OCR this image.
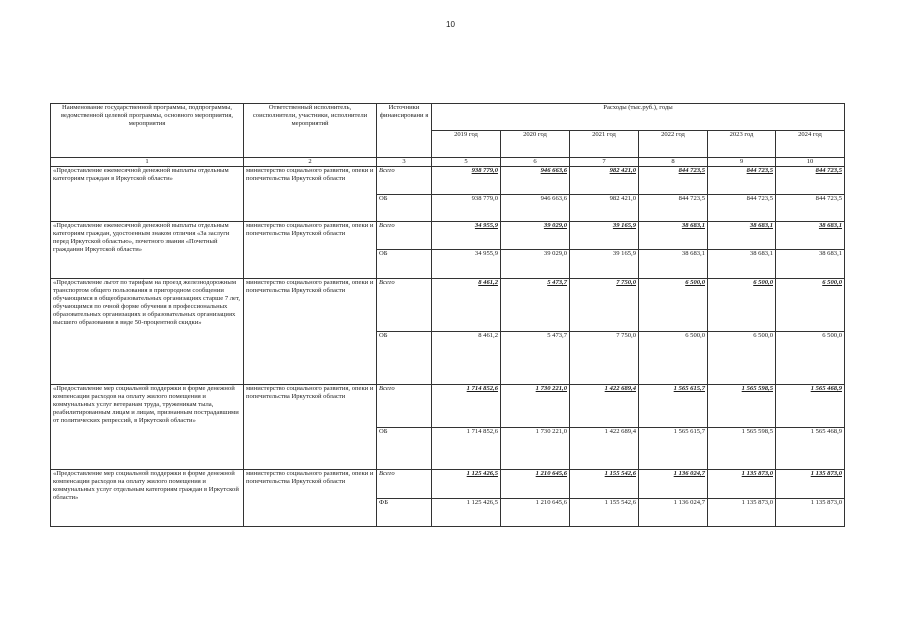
10
Наименование государственной программы, подпрограммы, ведомственной целевой программы, основного мероприятия, мероприятия	Ответственный исполнитель, соисполнители, участники, исполнители мероприятий	Источники финансировани я	Расходы (тыс.руб.), годы					
			2019 год	2020 год	2021 год	2022 год	2023 год	2024 год
1	2	3	5	6	7	8	9	10
«Предоставление ежемесячной денежной выплаты отдельным категориям граждан в Иркутской области»	министерство социального развития, опеки и попечительства Иркутской области	Всего	938 779,0	946 663,6	982 421,0	844 723,5	844 723,5	844 723,5
		ОБ	938 779,0	946 663,6	982 421,0	844 723,5	844 723,5	844 723,5
«Предоставление ежемесячной денежной выплаты отдельным категориям граждан, удостоенным знаком отличия «За заслуги перед Иркутской областью», почетного звания «Почетный гражданин Иркутской области»	министерство социального развития, опеки и попечительства Иркутской области	Всего	34 955,9	39 029,0	39 165,9	38 683,1	38 683,1	38 683,1
		ОБ	34 955,9	39 029,0	39 165,9	38 683,1	38 683,1	38 683,1
«Предоставление льгот по тарифам на проезд железнодорожным транспортом общего пользования в пригородном сообщении обучающимся в общеобразовательных организациях старше 7 лет, обучающимся по очной форме обучения в профессиональных образовательных организациях и образовательных организациях высшего образования в виде 50-процентной скидки»	министерство социального развития, опеки и попечительства Иркутской области	Всего	8 461,2	5 473,7	7 750,0	6 500,0	6 500,0	6 500,0
		ОБ	8 461,2	5 473,7	7 750,0	6 500,0	6 500,0	6 500,0
«Предоставление мер социальной поддержки в форме денежной компенсации расходов на оплату жилого помещения и коммунальных услуг ветеранам труда, труженикам тыла, реабилитированным лицам и лицам, признанным пострадавшими от политических репрессий, в Иркутской области»	министерство социального развития, опеки и попечительства Иркутской области	Всего	1 714 852,6	1 730 221,0	1 422 689,4	1 565 615,7	1 565 598,5	1 565 468,9
		ОБ	1 714 852,6	1 730 221,0	1 422 689,4	1 565 615,7	1 565 598,5	1 565 468,9
«Предоставление мер социальной поддержки в форме денежной компенсации расходов на оплату жилого помещения и коммунальных услуг отдельным категориям граждан в Иркутской области»	министерство социального развития, опеки и попечительства Иркутской области	Всего	1 125 426,5	1 210 645,6	1 155 542,6	1 136 024,7	1 135 873,0	1 135 873,0
		ФБ	1 125 426,5	1 210 645,6	1 155 542,6	1 136 024,7	1 135 873,0	1 135 873,0
